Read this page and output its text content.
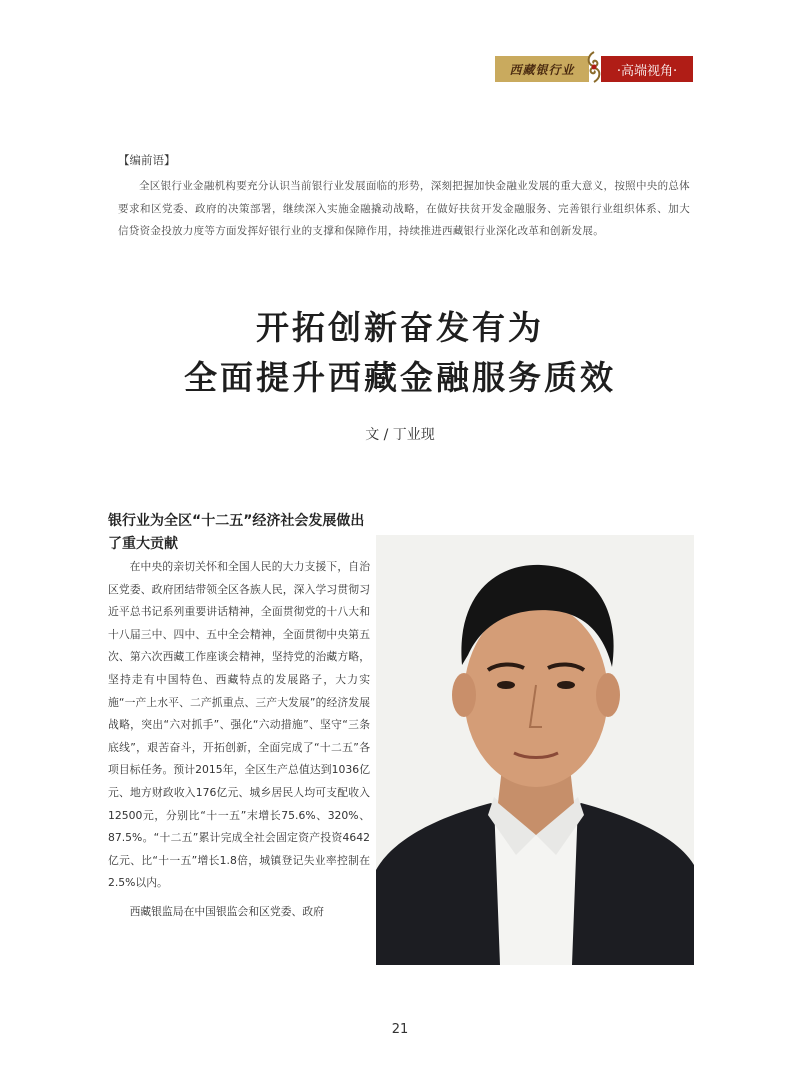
西藏银行业	·高端视角·
【编前语】
全区银行业金融机构要充分认识当前银行业发展面临的形势，深刻把握加快金融业发展的重大意义，按照中央的总体要求和区党委、政府的决策部署，继续深入实施金融撬动战略，在做好扶贫开发金融服务、完善银行业组织体系、加大信贷资金投放力度等方面发挥好银行业的支撑和保障作用，持续推进西藏银行业深化改革和创新发展。
开拓创新奋发有为
全面提升西藏金融服务质效
文 / 丁业现
银行业为全区“十二五”经济社会发展做出了重大贡献

在中央的亲切关怀和全国人民的大力支援下，自治区党委、政府团结带领全区各族人民，深入学习贯彻习近平总书记系列重要讲话精神，全面贯彻党的十八大和十八届三中、四中、五中全会精神，全面贯彻中央第五次、第六次西藏工作座谈会精神，坚持党的治藏方略，坚持走有中国特色、西藏特点的发展路子，大力实施“一产上水平、二产抓重点、三产大发展”的经济发展战略，突出“六对抓手”、强化“六动措施”、坚守“三条底线”，艰苦奋斗，开拓创新，全面完成了“十二五”各项目标任务。预计2015年，全区生产总值达到1036亿元、地方财政收入176亿元、城乡居民人均可支配收入12500元，分别比“十一五”末增长75.6%、320%、87.5%。“十二五”累计完成全社会固定资产投资4642亿元、比“十一五”增长1.8倍，城镇登记失业率控制在2.5%以内。

西藏银监局在中国银监会和区党委、政府

21
